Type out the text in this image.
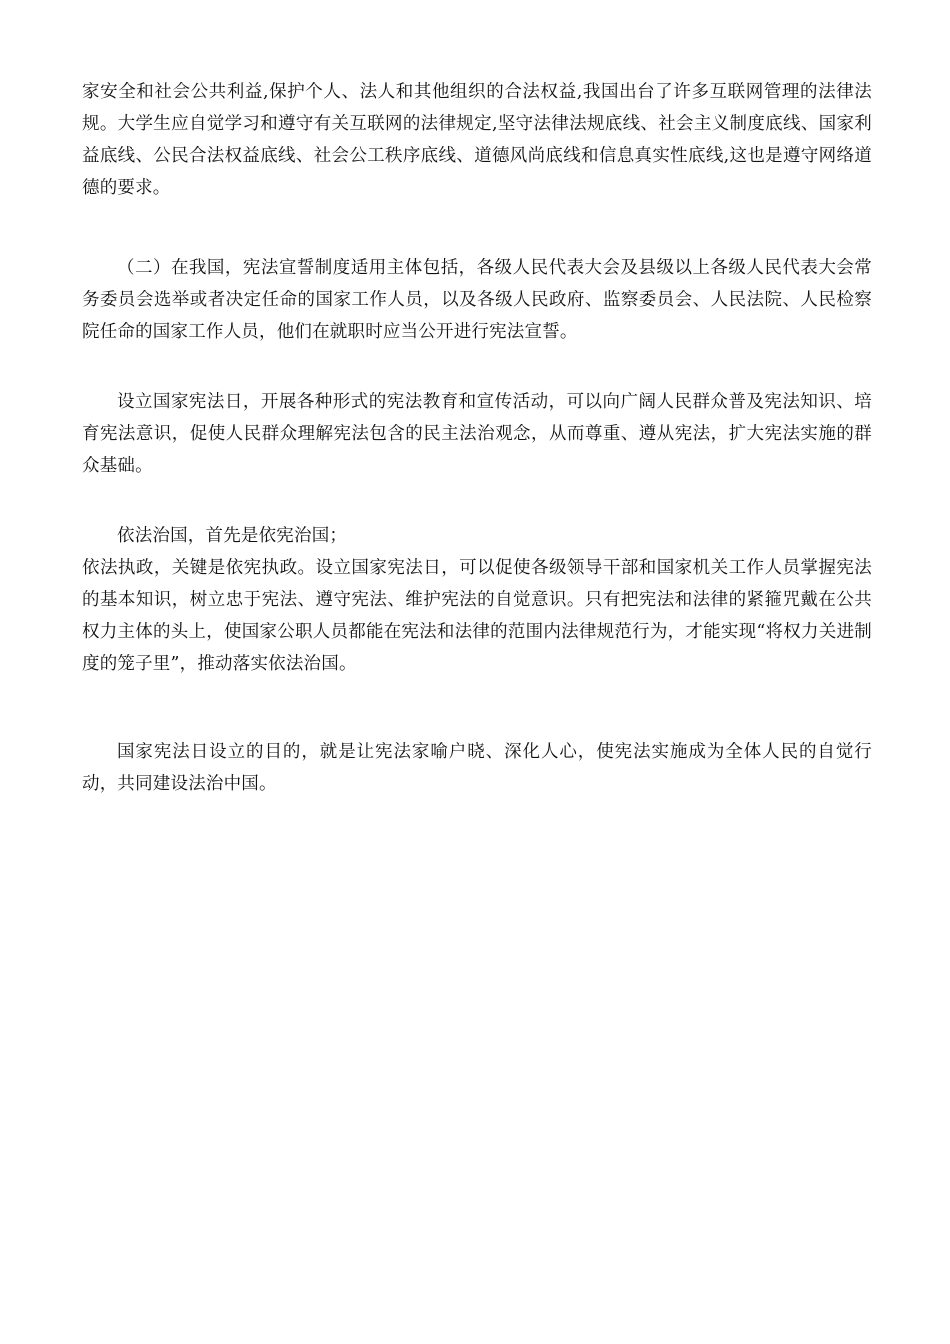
家安全和社会公共利益,保护个人、法人和其他组织的合法权益,我国出台了许多互联网管理的法律法规。大学生应自觉学习和遵守有关互联网的法律规定,坚守法律法规底线、社会主义制度底线、国家利益底线、公民合法权益底线、社会公工秩序底线、道德风尚底线和信息真实性底线,这也是遵守网络道德的要求。

（二）在我国，宪法宣誓制度适用主体包括，各级人民代表大会及县级以上各级人民代表大会常务委员会选举或者决定任命的国家工作人员，以及各级人民政府、监察委员会、人民法院、人民检察院任命的国家工作人员，他们在就职时应当公开进行宪法宣誓。

设立国家宪法日，开展各种形式的宪法教育和宣传活动，可以向广阔人民群众普及宪法知识、培育宪法意识，促使人民群众理解宪法包含的民主法治观念，从而尊重、遵从宪法，扩大宪法实施的群众基础。

依法治国，首先是依宪治国；
依法执政，关键是依宪执政。设立国家宪法日，可以促使各级领导干部和国家机关工作人员掌握宪法的基本知识，树立忠于宪法、遵守宪法、维护宪法的自觉意识。只有把宪法和法律的紧箍咒戴在公共权力主体的头上，使国家公职人员都能在宪法和法律的范围内法律规范行为，才能实现“将权力关进制度的笼子里”，推动落实依法治国。

国家宪法日设立的目的，就是让宪法家喻户晓、深化人心，使宪法实施成为全体人民的自觉行动，共同建设法治中国。
